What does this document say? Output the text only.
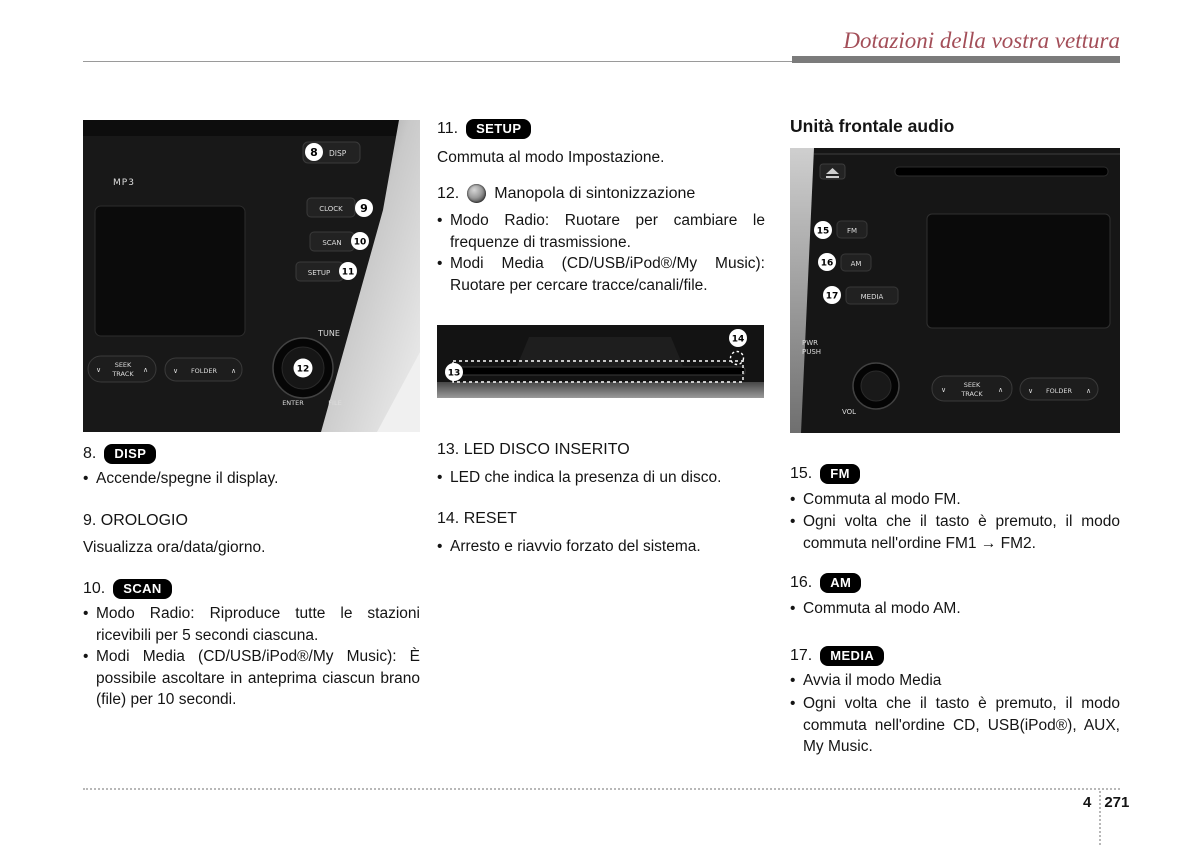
Dotazioni della vostra vettura
MP3
DISP
8
CLOCK 9
SCAN 10
SETUP 11
TUNE
12
ENTER	FILE
∨
SEEK
TRACK ∧	∨ FOLDER ∧
8.	DISP
• Accende/spegne il display.
9. OROLOGIO
Visualizza ora/data/giorno.
10.	SCAN
• Modo Radio: Riproduce tutte le stazioni ricevibili per 5 secondi ciascuna.
• Modi Media (CD/USB/iPod®/My Music): È possibile ascoltare in anteprima ciascun brano (file) per 10 secondi.
11.	SETUP
Commuta al modo Impostazione.
12. Manopola di sintonizzazione
• Modo Radio: Ruotare per cambiare le frequenze di trasmissione.
• Modi Media (CD/USB/iPod®/My Music): Ruotare per cercare tracce/canali/file.
13
14
13. LED DISCO INSERITO
• LED che indica la presenza di un disco.
14. RESET
• Arresto e riavvio forzato del sistema.
Unità frontale audio
FM
15
AM
16
MEDIA
17
PWR
PUSH
VOL
∨
SEEK
TRACK ∧	∨ FOLDER ∧
15.	FM
• Commuta al modo FM.
• Ogni volta che il tasto è premuto, il modo commuta nell'ordine FM1 → FM2.
16.	AM
• Commuta al modo AM.
17.	MEDIA
• Avvia il modo Media
• Ogni volta che il tasto è premuto, il modo commuta nell'ordine CD, USB(iPod®), AUX, My Music.
4 271
